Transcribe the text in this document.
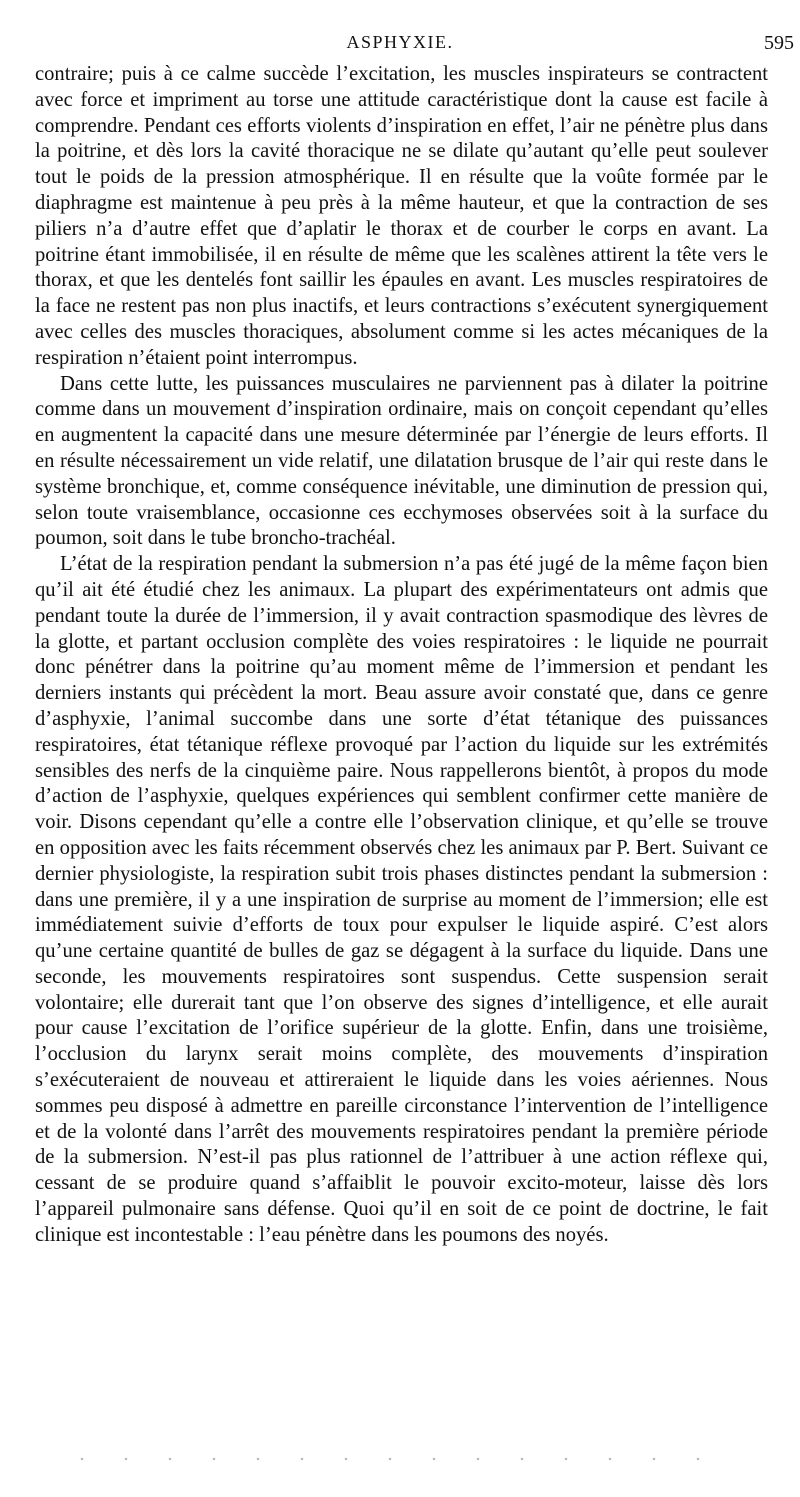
ASPHYXIE.	595

contraire; puis à ce calme succède l’excitation, les muscles inspirateurs se contractent avec force et impriment au torse une attitude caractéristique dont la cause est facile à comprendre. Pendant ces efforts violents d’inspiration en effet, l’air ne pénètre plus dans la poitrine, et dès lors la cavité thoracique ne se dilate qu’autant qu’elle peut soulever tout le poids de la pression atmosphérique. Il en résulte que la voûte formée par le diaphragme est maintenue à peu près à la même hauteur, et que la contraction de ses piliers n’a d’autre effet que d’aplatir le thorax et de courber le corps en avant. La poitrine étant immobilisée, il en résulte de même que les scalènes attirent la tête vers le thorax, et que les dentelés font saillir les épaules en avant. Les muscles respiratoires de la face ne restent pas non plus inactifs, et leurs contractions s’exécutent synergiquement avec celles des muscles thoraciques, absolument comme si les actes mécaniques de la respiration n’étaient point interrompus.

Dans cette lutte, les puissances musculaires ne parviennent pas à dilater la poitrine comme dans un mouvement d’inspiration ordinaire, mais on conçoit cependant qu’elles en augmentent la capacité dans une mesure déterminée par l’énergie de leurs efforts. Il en résulte nécessairement un vide relatif, une dilatation brusque de l’air qui reste dans le système bronchique, et, comme conséquence inévitable, une diminution de pression qui, selon toute vraisemblance, occasionne ces ecchymoses observées soit à la surface du poumon, soit dans le tube broncho-trachéal.

L’état de la respiration pendant la submersion n’a pas été jugé de la même façon bien qu’il ait été étudié chez les animaux. La plupart des expérimentateurs ont admis que pendant toute la durée de l’immersion, il y avait contraction spasmodique des lèvres de la glotte, et partant occlusion complète des voies respiratoires : le liquide ne pourrait donc pénétrer dans la poitrine qu’au moment même de l’immersion et pendant les derniers instants qui précèdent la mort. Beau assure avoir constaté que, dans ce genre d’asphyxie, l’animal succombe dans une sorte d’état tétanique des puissances respiratoires, état tétanique réflexe provoqué par l’action du liquide sur les extrémités sensibles des nerfs de la cinquième paire. Nous rappellerons bientôt, à propos du mode d’action de l’asphyxie, quelques expériences qui semblent confirmer cette manière de voir. Disons cependant qu’elle a contre elle l’observation clinique, et qu’elle se trouve en opposition avec les faits récemment observés chez les animaux par P. Bert. Suivant ce dernier physiologiste, la respiration subit trois phases distinctes pendant la submersion : dans une première, il y a une inspiration de surprise au moment de l’immersion; elle est immédiatement suivie d’efforts de toux pour expulser le liquide aspiré. C’est alors qu’une certaine quantité de bulles de gaz se dégagent à la surface du liquide. Dans une seconde, les mouvements respiratoires sont suspendus. Cette suspension serait volontaire; elle durerait tant que l’on observe des signes d’intelligence, et elle aurait pour cause l’excitation de l’orifice supérieur de la glotte. Enfin, dans une troisième, l’occlusion du larynx serait moins complète, des mouvements d’inspiration s’exécuteraient de nouveau et attireraient le liquide dans les voies aériennes. Nous sommes peu disposé à admettre en pareille circonstance l’intervention de l’intelligence et de la volonté dans l’arrêt des mouvements respiratoires pendant la première période de la submersion. N’est-il pas plus rationnel de l’attribuer à une action réflexe qui, cessant de se produire quand s’affaiblit le pouvoir excito-moteur, laisse dès lors l’appareil pulmonaire sans défense. Quoi qu’il en soit de ce point de doctrine, le fait clinique est incontestable : l’eau pénètre dans les poumons des noyés.
